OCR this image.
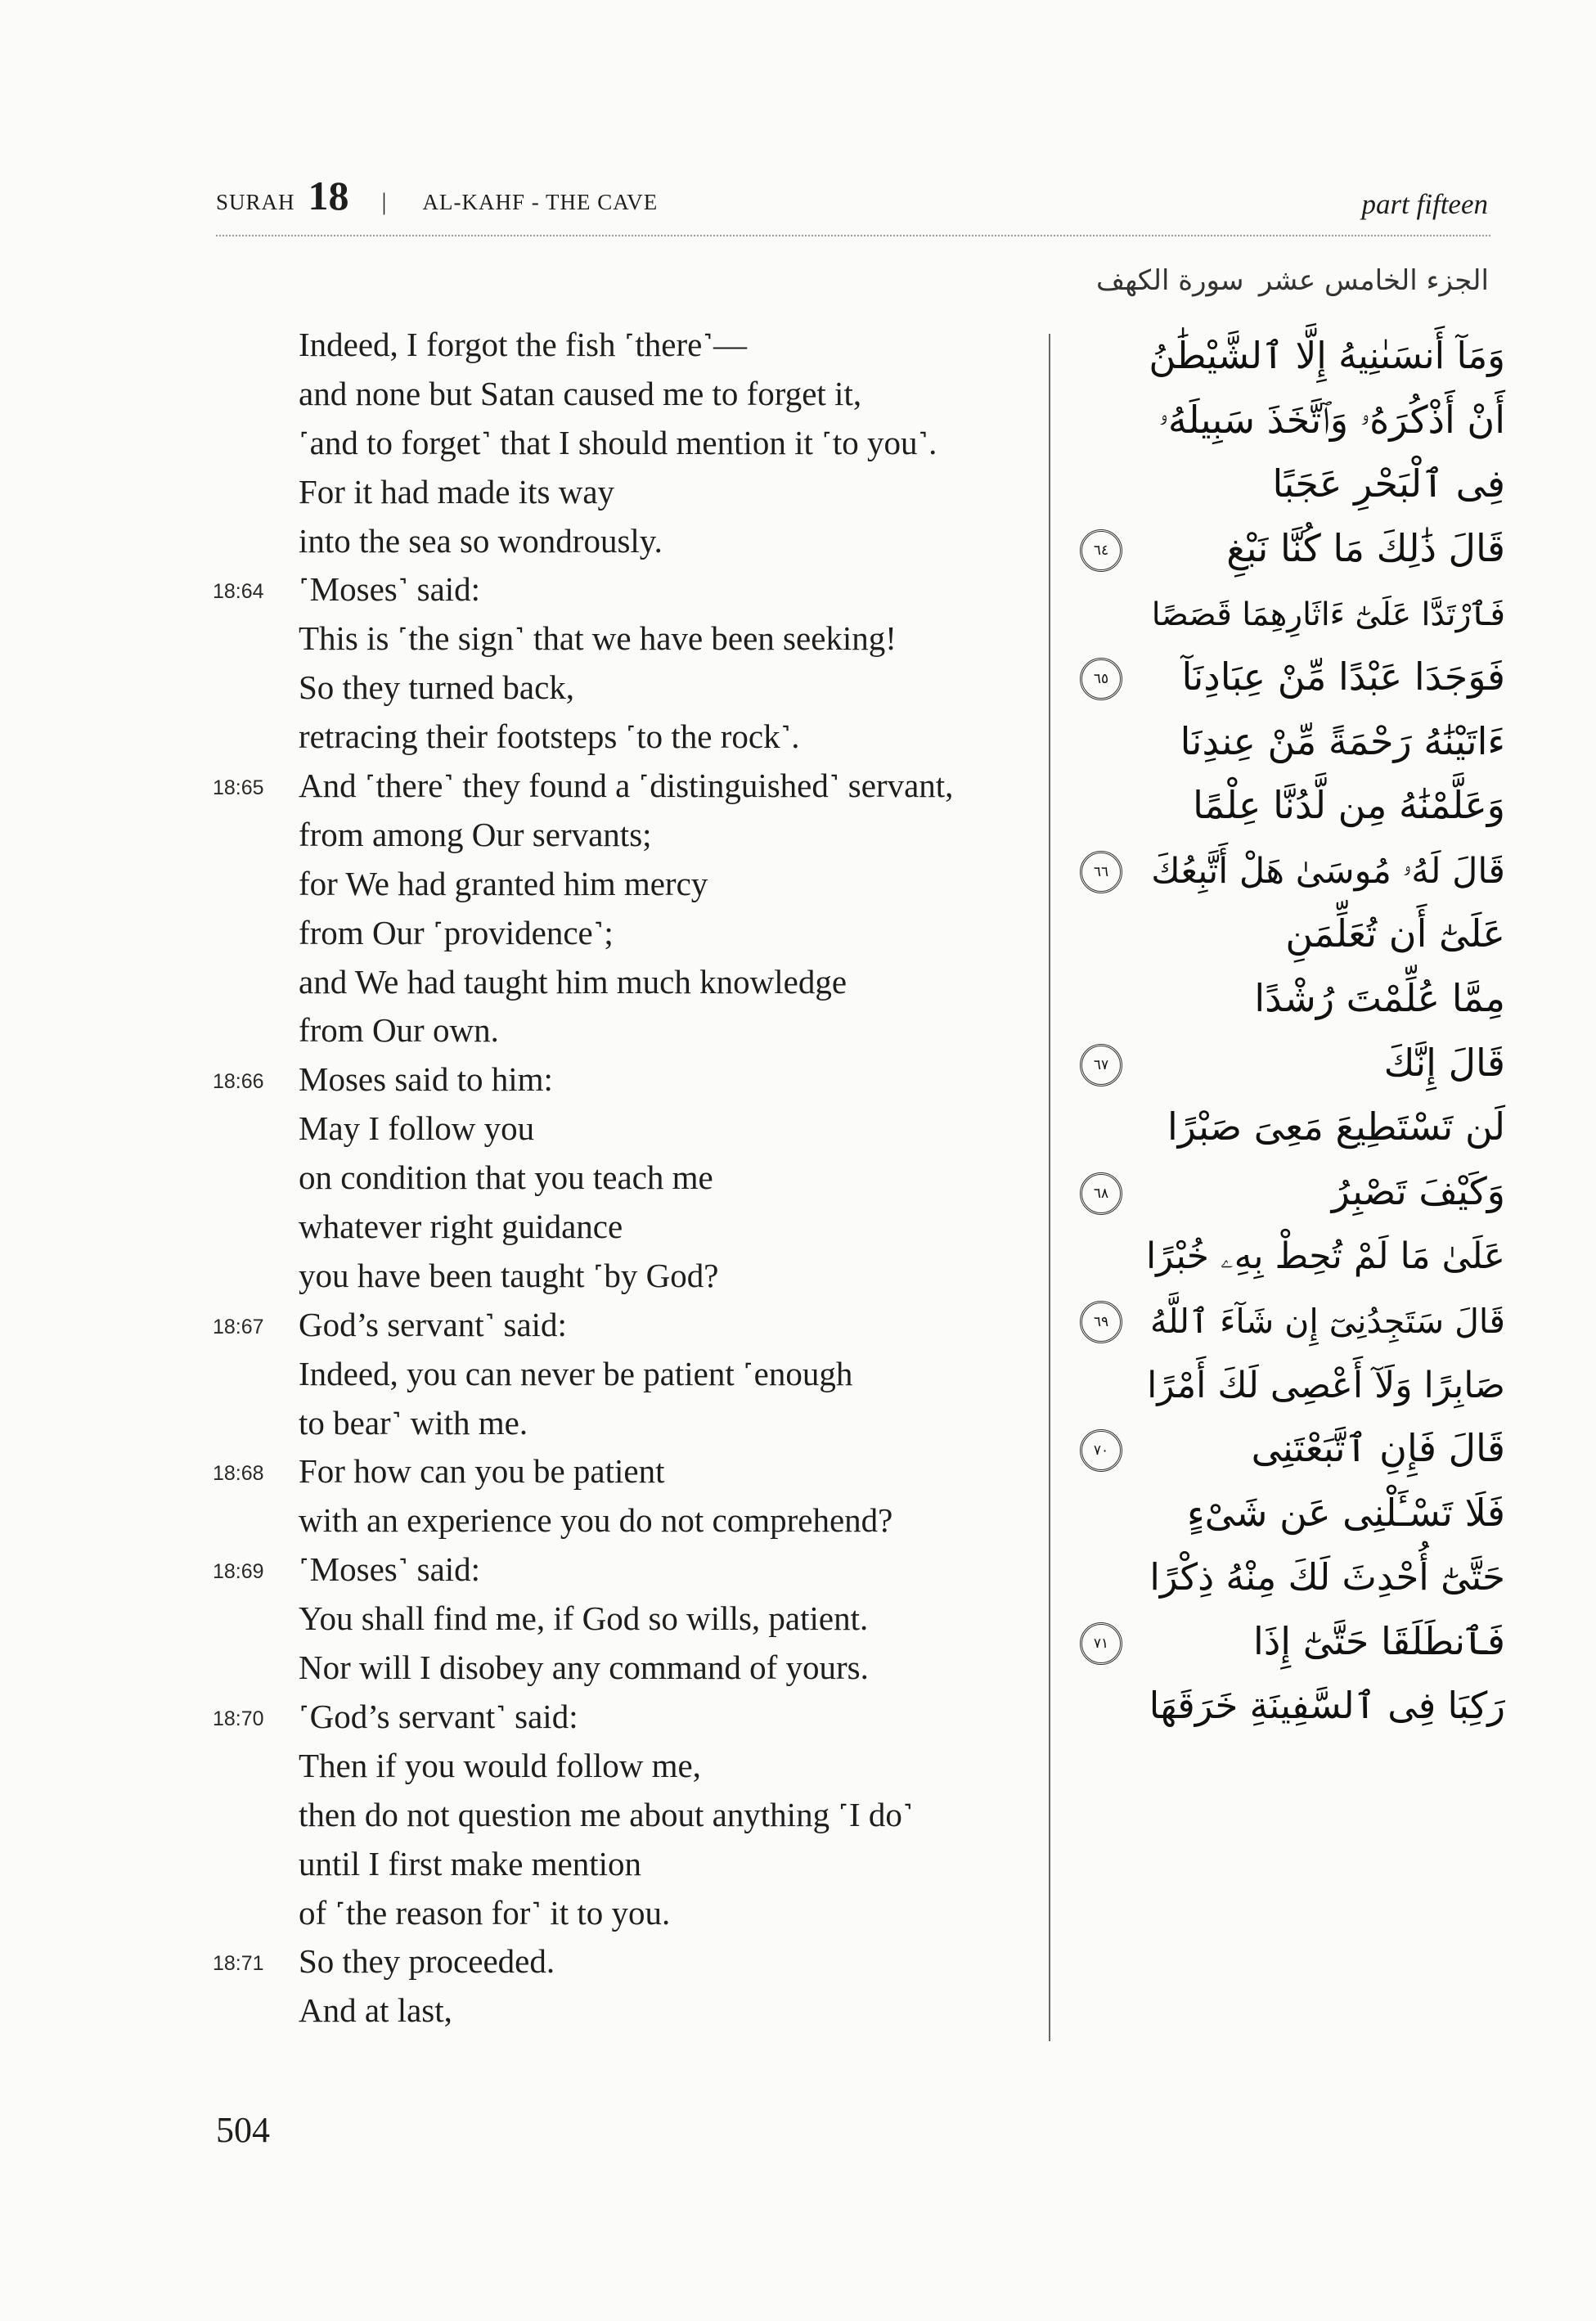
SURAH 18 | AL-KAHF - THE CAVE	part fifteen
الجزء الخامس عشر
سورة الكهف
Indeed, I forgot the fish ˹there˺—
and none but Satan caused me to forget it,
˹and to forget˺ that I should mention it ˹to you˺.
For it had made its way
into the sea so wondrously.
18:64 ˹Moses˺ said:
This is ˹the sign˺ that we have been seeking!
So they turned back,
retracing their footsteps ˹to the rock˺.
18:65 And ˹there˺ they found a ˹distinguished˺ servant,
from among Our servants;
for We had granted him mercy
from Our ˹providence˺;
and We had taught him much knowledge
from Our own.
18:66 Moses said to him:
May I follow you
on condition that you teach me
whatever right guidance
you have been taught ˹by God?
18:67 God’s servant˺ said:
Indeed, you can never be patient ˹enough
to bear˺ with me.
18:68 For how can you be patient
with an experience you do not comprehend?
18:69 ˹Moses˺ said:
You shall find me, if God so wills, patient.
Nor will I disobey any command of yours.
18:70 ˹God’s servant˺ said:
Then if you would follow me,
then do not question me about anything ˹I do˺
until I first make mention
of ˹the reason for˺ it to you.
18:71 So they proceeded.
And at last,
وَمَآ أَنسَىٰنِيهُ إِلَّا ٱلشَّيْطَٰنُ
أَنْ أَذْكُرَهُۥ وَٱتَّخَذَ سَبِيلَهُۥ
فِى ٱلْبَحْرِ عَجَبًا
قَالَ ذَٰلِكَ مَا كُنَّا نَبْغِ
٦٤
فَٱرْتَدَّا عَلَىٰٓ ءَاثَارِهِمَا قَصَصًا
فَوَجَدَا عَبْدًا مِّنْ عِبَادِنَآ
٦٥
ءَاتَيْنَٰهُ رَحْمَةً مِّنْ عِندِنَا
وَعَلَّمْنَٰهُ مِن لَّدُنَّا عِلْمًا
قَالَ لَهُۥ مُوسَىٰ هَلْ أَتَّبِعُكَ
٦٦
عَلَىٰٓ أَن تُعَلِّمَنِ
مِمَّا عُلِّمْتَ رُشْدًا
قَالَ إِنَّكَ
٦٧
لَن تَسْتَطِيعَ مَعِىَ صَبْرًا
وَكَيْفَ تَصْبِرُ
٦٨
عَلَىٰ مَا لَمْ تُحِطْ بِهِۦ خُبْرًا
قَالَ سَتَجِدُنِىٓ إِن شَآءَ ٱللَّهُ
٦٩
صَابِرًا وَلَآ أَعْصِى لَكَ أَمْرًا
قَالَ فَإِنِ ٱتَّبَعْتَنِى
٧٠
فَلَا تَسْـَٔلْنِى عَن شَىْءٍ
حَتَّىٰٓ أُحْدِثَ لَكَ مِنْهُ ذِكْرًا
فَٱنطَلَقَا حَتَّىٰٓ إِذَا
٧١
رَكِبَا فِى ٱلسَّفِينَةِ خَرَقَهَا
504
